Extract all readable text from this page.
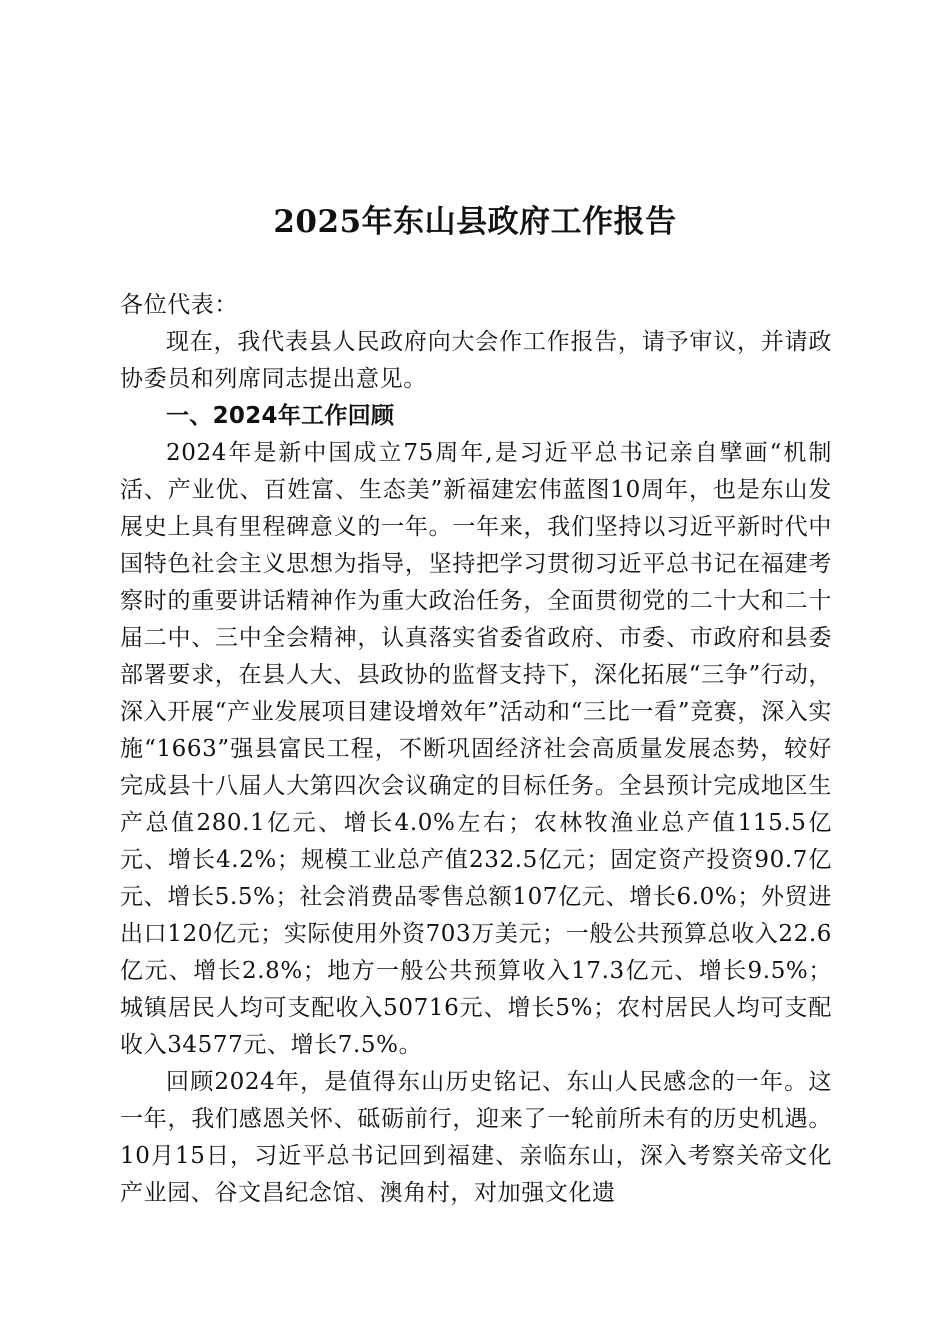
2025年东山县政府工作报告

各位代表：

现在，我代表县人民政府向大会作工作报告，请予审议，并请政协委员和列席同志提出意见。

一、2024年工作回顾

2024年是新中国成立75周年,是习近平总书记亲自擘画“机制活、产业优、百姓富、生态美”新福建宏伟蓝图10周年，也是东山发展史上具有里程碑意义的一年。一年来，我们坚持以习近平新时代中国特色社会主义思想为指导，坚持把学习贯彻习近平总书记在福建考察时的重要讲话精神作为重大政治任务，全面贯彻党的二十大和二十届二中、三中全会精神，认真落实省委省政府、市委、市政府和县委部署要求，在县人大、县政协的监督支持下，深化拓展“三争”行动，深入开展“产业发展项目建设增效年”活动和“三比一看”竞赛，深入实施“1663”强县富民工程，不断巩固经济社会高质量发展态势，较好完成县十八届人大第四次会议确定的目标任务。全县预计完成地区生产总值280.1亿元、增长4.0%左右；农林牧渔业总产值115.5亿元、增长4.2%；规模工业总产值232.5亿元；固定资产投资90.7亿元、增长5.5%；社会消费品零售总额107亿元、增长6.0%；外贸进出口120亿元；实际使用外资703万美元；一般公共预算总收入22.6亿元、增长2.8%；地方一般公共预算收入17.3亿元、增长9.5%；城镇居民人均可支配收入50716元、增长5%；农村居民人均可支配收入34577元、增长7.5%。

回顾2024年，是值得东山历史铭记、东山人民感念的一年。这一年，我们感恩关怀、砥砺前行，迎来了一轮前所未有的历史机遇。10月15日，习近平总书记回到福建、亲临东山，深入考察关帝文化产业园、谷文昌纪念馆、澳角村，对加强文化遗
